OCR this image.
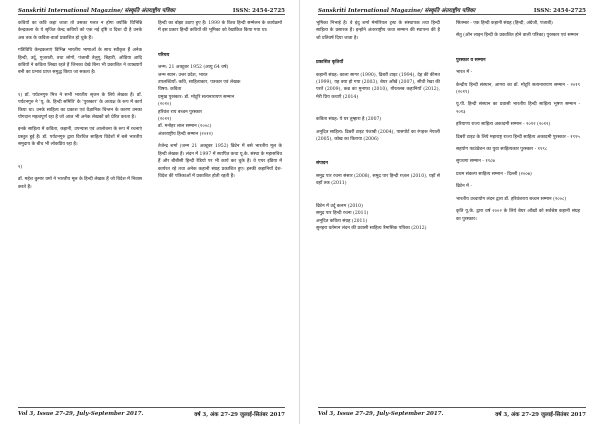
Sanskriti International Magazine/ संस्कृति अंतराष्ट्रीय पत्रिका	ISSN: 2454-2725

कवियों का कवि कहा जाता तो उसका गलत न होगा क्योंकि विभिन्नि केन्द्रकला के ये सृजित केन्द्र कवियों को एक नई दृष्टि व दिशा दी है उनके अब तक के कविता-वार्ता प्रकाशित हो चुके हैं।

गतिविधि केन्द्रकलाएं विभिन्न भारतीय भाषाओं के साथ स्वीकृत हैं अनेक हिन्दी, उर्दू, गुजराती, तथा लोगों, पंजाबी तेलुगु, बिहारी, ओडिया आदि कवियों ने कविता लिखा रहते हैं जिनका देखे बिना भी प्रकाशित ने व्याख्यायें बनी का प्रभाव प्राप्त समुद्ध किया जा सकता है।

१) डॉ. पर्यटनगुरु मित्र ने सभी भारतीय सृजन के लिये लेखक हैं। डॉ. पर्यटनगुरु ने 'यू. के. हिन्दी समिति' के 'पुरस्कार' के अध्यक्ष के रूप में कार्य किया था। उनके साहित्य का प्रकाश एवं वैज्ञानिक चिन्तन के कारण उनका योगदान महत्वपूर्ण रहा है जो आज भी अनेक लेखकों को प्रेरित करता है।

इनके साहित्य में कविता, कहानी, उपन्यास एवं आलोचना के रूप में रचनाएं प्रस्तुत हुई हैं। डॉ. पर्यटनगुरु द्वारा विरचित साहित्य विदेशों में बसे भारतीय समुदाय के बीच भी लोकप्रिय रहा है।

२)

डॉ. महेश कुमार वर्मा ने भारतीय मूल के हिन्दी लेखक हैं जो विदेश में निवास करते हैं।

हिन्दी का बोझा उठाए हुए हैं। 1999 के विश्व हिन्दी सम्मेलन के कार्यक्रमों में इस प्रकार हिन्दी कवियों की भूमिका को रेखांकित किया गया था।

परिचय

जन्म: 21 अक्टूबर 1952 (आयु 64 वर्ष)

जन्म स्थान: उत्तर प्रदेश, भारत

उपलब्धियाँ: कवि, साहित्यकार, पत्रकार एवं लेखक

विषय: कविता

प्रमुख पुरस्कार: डॉ. मोटूरि सत्यनारायण सम्मान

(२०१०)

हरिवंश राय बच्चन पुरस्कार

(२०१२)

डॉ. मनोहर लाल सम्मान (२००८)

अंतरराष्ट्रीय हिन्दी सम्मान (२०१२)

तेजेन्द्र शर्मा (जन्म 21 अक्टूबर 1952) ब्रिटेन में बसे भारतीय मूल के हिन्दी लेखक हैं। लंदन में 1997 में स्थापित कथा यू.के. संस्था के महासचिव हैं और बीबीसी हिन्दी रेडियो पर भी कार्य कर चुके हैं। वे एयर इंडिया में कार्यरत रहे तथा अनेक कहानी संग्रह प्रकाशित हुए। इनकी कहानियाँ देश-विदेश की पत्रिकाओं में प्रकाशित होती रहती हैं।

Vol 3, Issue 27-29, July-September 2017.	वर्ष 3, अंक 27-29 जुलाई-सितंबर 2017
Sanskriti International Magazine/ संस्कृति अंतराष्ट्रीय पत्रिका	ISSN: 2454-2725

भूमिका निभाई है। वे इंदु शर्मा मेमोरियल ट्रस्ट के संस्थापक तथा हिन्दी साहित्य के प्रसारक हैं। इन्होंने अंतरराष्ट्रीय कथा सम्मान की स्थापना की है जो प्रतिवर्ष दिया जाता है।

प्रकाशित कृतियाँ

कहानी संग्रह: काला सागर (1990), ढिबरी टाइट (1994), देह की कीमत (1999), यह क्या हो गया (2003), बेघर आँखें (2007), सीधी रेखा की परतें (2009), कब्र का मुनाफा (2010), ग़ौरतलब कहानियाँ (2012), मेरी प्रिय कथाएँ (2014)

कविता संग्रह: ये घर तुम्हारा है (2007)

अनूदित साहित्य: ढिबरी टाइट पंजाबी (2004), पासपोर्ट का रंगहरू नेपाली (2005), कोख का किराया (2006)

संपादन

समुद्र पार रचना संसार (2008), समुद्र पार हिन्दी ग़ज़ल (2010), यहाँ से वहाँ तक (2011)

ब्रिटेन में उर्दू कलम (2010)

समुद्र पार हिन्दी रचना (2011)

अनूदित कविता संग्रह (2011)

सुनहरा वर्तमान लंदन की प्रवासी साहित्य त्रैमासिक पत्रिका (2012)

सितम्बर - एक हिन्दी कहानी संग्रह (हिन्दी, अंग्रेजी, पंजाबी)

सेतु (ऑन लाइन हिन्दी के प्रकाशित होने वाली पत्रिका) पुरस्कार एवं सम्मान

पुरस्कार व सम्मान

भारत में -

केन्द्रीय हिन्दी संस्थान, आगरा का डॉ. मोटूरि सत्यनारायण सम्मान - २०१९ (२०१९)

यू.पी. हिन्दी संस्थान का प्रवासी भारतीय हिन्दी साहित्य भूषण सम्मान - २०१३

हरियाणा राज्य साहित्य अकादमी सम्मान - २०१२ (२०१२)

ढिबरी टाइट के लिये महाराष्ट्र राज्य हिन्दी साहित्य अकादमी पुरस्कार - १९९५

सहयोग फाउंडेशन का युवा साहित्यकार पुरस्कार - १९९८

सुपथगा सम्मान - १९८७

प्रथम संकल्प साहित्य सम्मान - दिल्ली (२००७)

ब्रिटेन में -

भारतीय उच्चायोग लंदन द्वारा डॉ. हरिवंशराय बच्चन सम्मान (२००८)

कृति यू.के. द्वारा वर्ष २००२ के लिये बेघर आँखों को सर्वश्रेष्ठ कहानी संग्रह का पुरस्कार।

Vol 3, Issue 27-29, July-September 2017.	वर्ष 3, अंक 27-29 जुलाई-सितंबर 2017
